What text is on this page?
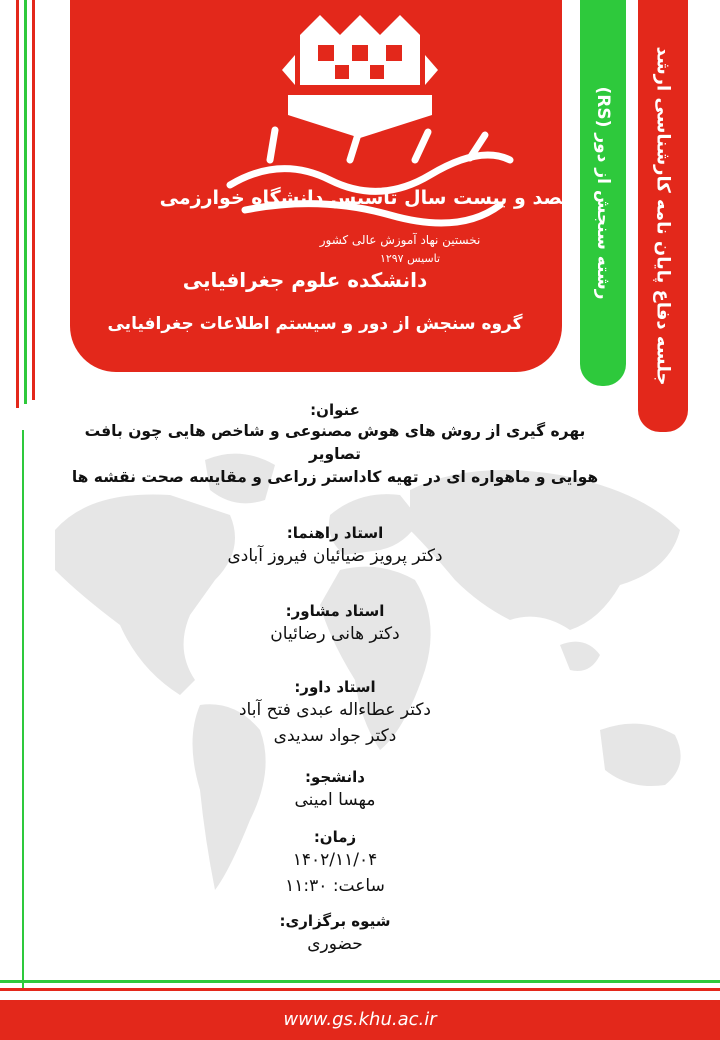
یکصد و بیست سال تاسیس دانشگاه خوارزمی
نخستین نهاد آموزش عالی کشور
تاسیس ۱۲۹۷
دانشکده علوم جغرافیایی
گروه سنجش از دور و سیستم اطلاعات جغرافیایی
رشته سنجش از دور (RS) جلسه دفاع پایان نامه کارشناسی ارشد
عنوان:
بهره گیری از روش های هوش مصنوعی و شاخص هایی چون بافت تصاویر
هوایی و ماهواره ای در تهیه کاداستر زراعی و مقایسه صحت نقشه ها
استاد راهنما:
دکتر پرویز ضیائیان فیروز آبادی
استاد مشاور:
دکتر هانی رضائیان
استاد داور:
دکتر عطاءاله عبدی فتح آباد
دکتر جواد سدیدی
دانشجو:
مهسا امینی
زمان:
۱۴۰۲/۱۱/۰۴
ساعت: ۱۱:۳۰
شیوه برگزاری:
حضوری
www.gs.khu.ac.ir
